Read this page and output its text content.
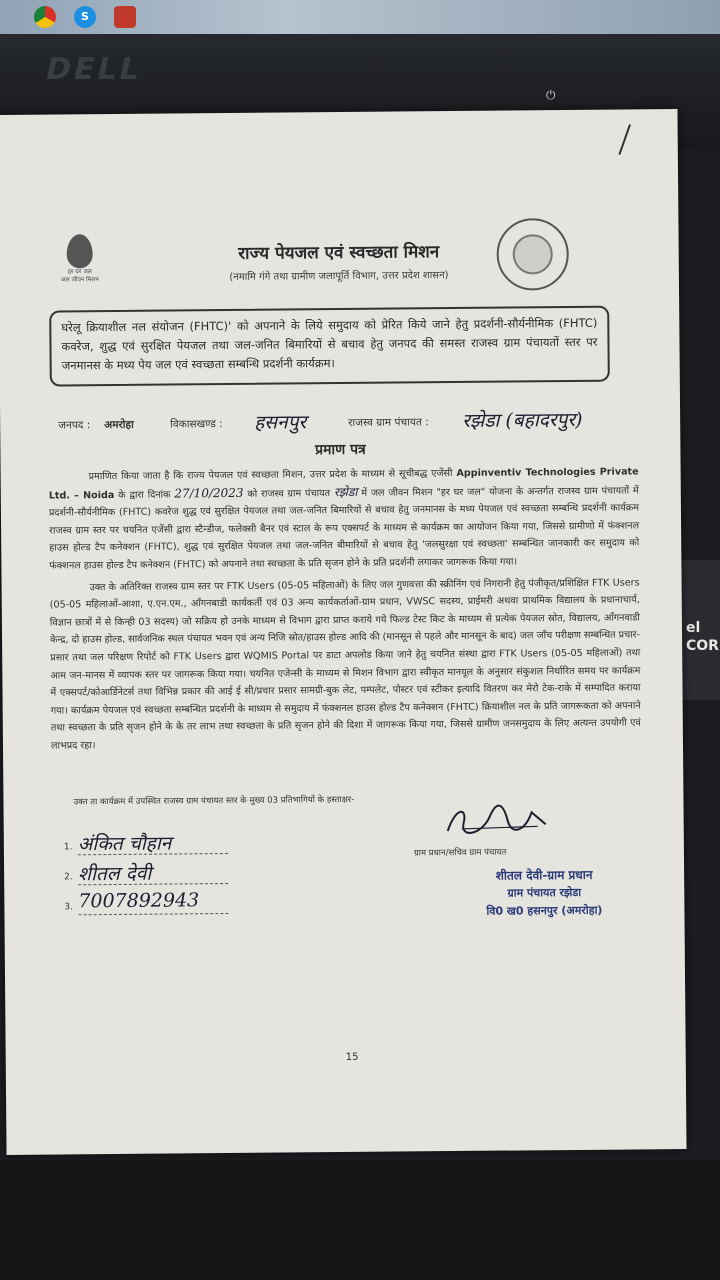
S
DELL
⏻
el
COR
हर घर जल
जल जीवन मिशन
राज्य पेयजल एवं स्वच्छता मिशन
(नमामि गंगे तथा ग्रामीण जलापूर्ति विभाग, उत्तर प्रदेश शासन)
घरेलू क्रियाशील नल संयोजन (FHTC)' को अपनाने के लिये समुदाय को प्रेरित किये जाने हेतु प्रदर्शनी-सौर्यनीमिक (FHTC) कवरेज, शुद्ध एवं सुरक्षित पेयजल तथा जल-जनित बिमारियों से बचाव हेतु जनपद की समस्त राजस्व ग्राम पंचायतों स्तर पर जनमानस के मध्य पेय जल एवं स्वच्छता सम्बन्धि प्रदर्शनी कार्यक्रम।
जनपद : अमरोहा	विकासखण्ड : हसनपुर	राजस्व ग्राम पंचायत : रझेडा (बहादरपुर)
प्रमाण पत्र

प्रमाणित किया जाता है कि राज्य पेयजल एवं स्वच्छता मिशन, उत्तर प्रदेश के माध्यम से सूचीबद्ध एजेंसी Appinventiv Technologies Private Ltd. – Noida के द्वारा दिनांक 27/10/2023 को राजस्व ग्राम पंचायत रझेडा में जल जीवन मिशन "हर घर जल" योजना के अन्तर्गत राजस्व ग्राम पंचायतों में प्रदर्शनी-सौर्यनीमिक (FHTC) कवरेज शुद्ध एवं सुरक्षित पेयजल तथा जल-जनित बिमारियों से बचाव हेतु जनमानस के मध्य पेयजल एवं स्वच्छता सम्बन्धि प्रदर्शनी कार्यक्रम राजस्व ग्राम स्तर पर चयनित एजेंसी द्वारा स्टैन्डीज, फलेक्सी बैनर एवं स्टाल के रूप एक्सपर्ट के माध्यम से कार्यक्रम का आयोजन किया गया, जिससे ग्रामीणो में फंक्शनल हाउस होल्ड टैप कनेक्शन (FHTC), शुद्ध एवं सुरक्षित पेयजल तथा जल-जनित बीमारियों से बचाव हेतु 'जलसुरक्षा एवं स्वच्छता' सम्बन्धित जानकारी कर समुदाय को फंक्शनल हाउस होल्ड टैप कनेक्शन (FHTC) को अपनाने तथा स्वच्छता के प्रति सृजन होने के प्रति प्रदर्शनी लगाकर जागरूक किया गया।

उक्त के अतिरिक्त राजस्व ग्राम स्तर पर FTK Users (05-05 महिलाओं) के लिए जल गुणवत्ता की स्क्रीनिंग एवं निगरानी हेतु पंजीकृत/प्रशिक्षित FTK Users (05-05 महिलाओं-आशा, ए.एन.एम., आँगनबाडी कार्यकर्ती एवं 03 अन्य कार्यकर्ताओं-ग्राम प्रधान, VWSC सदस्य, प्राईमरी अथवा प्राथमिक विद्यालय के प्रधानाचार्य, विज्ञान छात्रों में से किन्ही 03 सदस्य) जो सक्रिय हो उनके माध्यम से विभाग द्वारा प्राप्त कराये गये फिल्ड टेस्ट किट के माध्यम से प्रत्येक पेयजल स्रोत, विद्यालय, आँगनवाडी केन्द्र, दो हाउस होल्ड, सार्वजनिक स्थल पंचायत भवन एवं अन्य निजि स्रोत/हाउस होल्ड आदि की (मानसून से पहले और मानसून के बाद) जल जाँच परीक्षण सम्बन्धित प्रचार-प्रसार तथा जल परिक्षण रिपोर्ट को FTK Users द्वारा WQMIS Portal पर डाटा अपलोड किया जाने हेतु चयनित संस्था द्वारा FTK Users (05-05 महिलाओं) तथा आम जन-मानस में व्यापक स्तर पर जागरूक किया गया। चयनित एजेन्सी के माध्यम से मिशन विभाग द्वारा स्वीकृत मानयूल के अनुसार संकुशल निर्धारित समय पर कार्यक्रम में एक्सपर्ट/कोआर्डिनेटर्स तथा विभिन्न प्रकार की आई ई सी/प्रचार प्रसार सामग्री-बुक लेट, पम्पलेट, पोस्टर एवं स्टीकर इत्यादि वितरण कर मेरो टेक-राके में सम्पादित कराया गया। कार्यक्रम पेयजल एवं स्वच्छता सम्बन्धित प्रदर्शनी के माध्यम से समुदाय में फंक्शनल हाउस होल्ड टैप कनेक्शन (FHTC) क्रियाशील नल के प्रति जागरूकता को अपनाने तथा स्वच्छता के प्रति सृजन होने के के तर लाभ तथा स्वच्छता के प्रति सृजन होने की दिशा में जागरूक किया गया, जिससे ग्रामीण जनसमुदाय के लिए अत्यन्त उपयोगी एवं लाभप्रद रहा।

उक्त ता कार्यक्रम में उपस्थित राजस्व ग्राम पंचायत स्तर के मुख्य 03 प्रतिभागियों के हस्ताक्षर-
1. अंकित चौहान
2. शीतल देवी
3. 7007892943
ग्राम प्रधान/सचिव ग्राम पंचायत
शीतल देवी-ग्राम प्रधान
ग्राम पंचायत रझेडा
वि0 ख0 हसनपुर (अमरोहा)
15
